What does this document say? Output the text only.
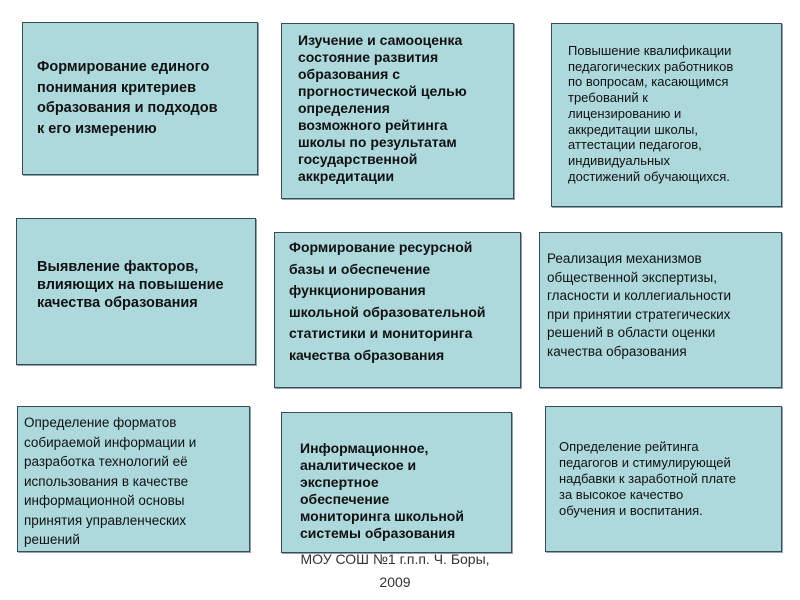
Формирование единого
понимания критериев
образования и подходов
к его измерению
Изучение и самооценка
состояние развития
образования с
прогностической целью
определения
возможного рейтинга
школы по результатам
государственной
аккредитации
Повышение квалификации
педагогических работников
по вопросам, касающимся
требований к
лицензированию и
аккредитации школы,
аттестации педагогов,
индивидуальных
достижений обучающихся.
Выявление факторов,
влияющих на повышение
качества образования
Формирование ресурсной
базы и обеспечение
функционирования
школьной образовательной
статистики и мониторинга
качества образования
Реализация механизмов
общественной экспертизы,
гласности и коллегиальности
при принятии стратегических
решений в области оценки
качества образования
Определение форматов
собираемой информации и
разработка технологий её
использования в качестве
информационной основы
принятия управленческих
решений
Информационное,
аналитическое и
экспертное
обеспечение
мониторинга школьной
системы образования
Определение рейтинга
педагогов и стимулирующей
надбавки к заработной плате
за высокое качество
обучения и воспитания.
МОУ СОШ №1 г.п.п. Ч. Боры,
2009
